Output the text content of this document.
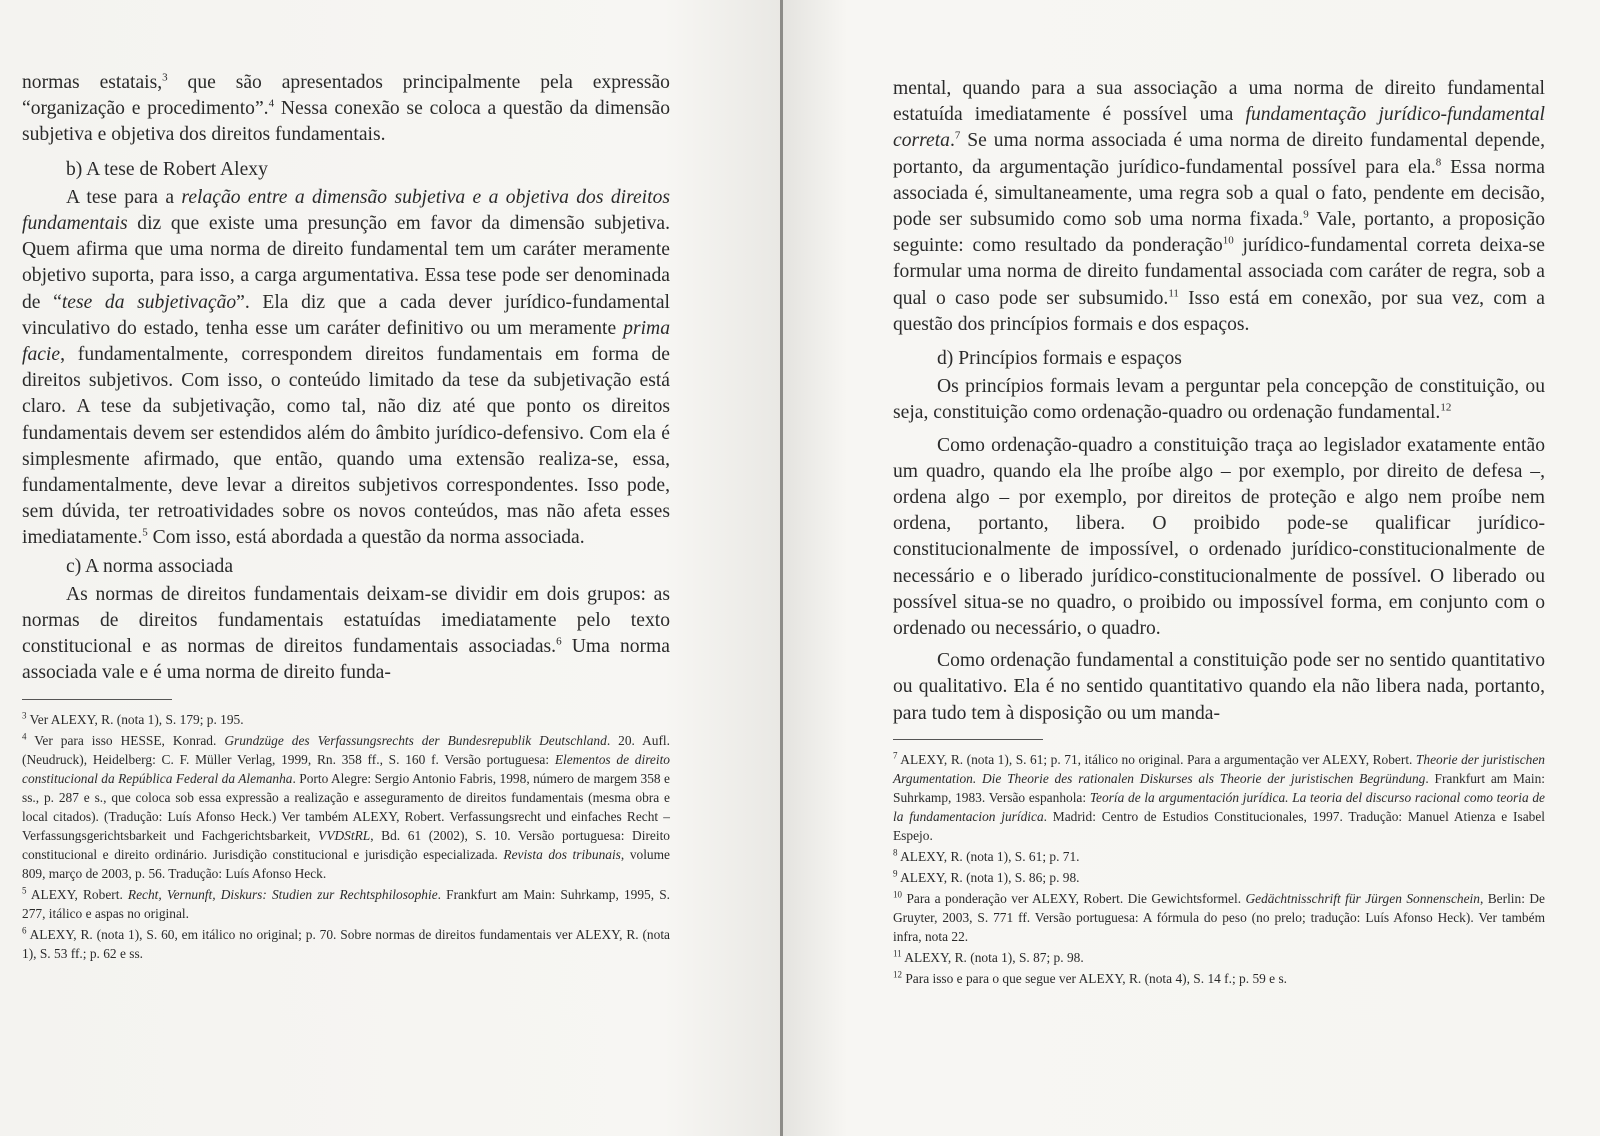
normas estatais,$^3$ que são apresentados principalmente pela expressão “organização e procedimento”.$^4$ Nessa conexão se coloca a questão da dimensão subjetiva e objetiva dos direitos fundamentais.

b) A tese de Robert Alexy

A tese para a relação entre a dimensão subjetiva e a objetiva dos direitos fundamentais diz que existe uma presunção em favor da dimensão subjetiva. Quem afirma que uma norma de direito fundamental tem um caráter meramente objetivo suporta, para isso, a carga argumentativa. Essa tese pode ser denominada de “tese da subjetivação”. Ela diz que a cada dever jurídico-fundamental vinculativo do estado, tenha esse um caráter definitivo ou um meramente prima facie, fundamentalmente, correspondem direitos fundamentais em forma de direitos subjetivos. Com isso, o conteúdo limitado da tese da subjetivação está claro. A tese da subjetivação, como tal, não diz até que ponto os direitos fundamentais devem ser estendidos além do âmbito jurídico-defensivo. Com ela é simplesmente afirmado, que então, quando uma extensão realiza-se, essa, fundamentalmente, deve levar a direitos subjetivos correspondentes. Isso pode, sem dúvida, ter retroatividades sobre os novos conteúdos, mas não afeta esses imediatamente.$^5$ Com isso, está abordada a questão da norma associada.

c) A norma associada

As normas de direitos fundamentais deixam-se dividir em dois grupos: as normas de direitos fundamentais estatuídas imediatamente pelo texto constitucional e as normas de direitos fundamentais associadas.$^6$ Uma norma associada vale e é uma norma de direito funda-

$^3$ Ver ALEXY, R. (nota 1), S. 179; p. 195.

$^4$ Ver para isso HESSE, Konrad. Grundzüge des Verfassungsrechts der Bundesrepublik Deutschland. 20. Aufl. (Neudruck), Heidelberg: C. F. Müller Verlag, 1999, Rn. 358 ff., S. 160 f. Versão portuguesa: Elementos de direito constitucional da República Federal da Alemanha. Porto Alegre: Sergio Antonio Fabris, 1998, número de margem 358 e ss., p. 287 e s., que coloca sob essa expressão a realização e asseguramento de direitos fundamentais (mesma obra e local citados). (Tradução: Luís Afonso Heck.) Ver também ALEXY, Robert. Verfassungsrecht und einfaches Recht – Verfassungsgerichtsbarkeit und Fachgerichtsbarkeit, VVDStRL, Bd. 61 (2002), S. 10. Versão portuguesa: Direito constitucional e direito ordinário. Jurisdição constitucional e jurisdição especializada. Revista dos tribunais, volume 809, março de 2003, p. 56. Tradução: Luís Afonso Heck.

$^5$ ALEXY, Robert. Recht, Vernunft, Diskurs: Studien zur Rechtsphilosophie. Frankfurt am Main: Suhrkamp, 1995, S. 277, itálico e aspas no original.

$^6$ ALEXY, R. (nota 1), S. 60, em itálico no original; p. 70. Sobre normas de direitos fundamentais ver ALEXY, R. (nota 1), S. 53 ff.; p. 62 e ss.

mental, quando para a sua associação a uma norma de direito fundamental estatuída imediatamente é possível uma fundamentação jurídico-fundamental correta.$^7$ Se uma norma associada é uma norma de direito fundamental depende, portanto, da argumentação jurídico-fundamental possível para ela.$^8$ Essa norma associada é, simultaneamente, uma regra sob a qual o fato, pendente em decisão, pode ser subsumido como sob uma norma fixada.$^9$ Vale, portanto, a proposição seguinte: como resultado da ponderação$^{10}$ jurídico-fundamental correta deixa-se formular uma norma de direito fundamental associada com caráter de regra, sob a qual o caso pode ser subsumido.$^{11}$ Isso está em conexão, por sua vez, com a questão dos princípios formais e dos espaços.

d) Princípios formais e espaços

Os princípios formais levam a perguntar pela concepção de constituição, ou seja, constituição como ordenação-quadro ou ordenação fundamental.$^{12}$

Como ordenação-quadro a constituição traça ao legislador exatamente então um quadro, quando ela lhe proíbe algo – por exemplo, por direito de defesa –, ordena algo – por exemplo, por direitos de proteção e algo nem proíbe nem ordena, portanto, libera. O proibido pode-se qualificar jurídico-constitucionalmente de impossível, o ordenado jurídico-constitucionalmente de necessário e o liberado jurídico-constitucionalmente de possível. O liberado ou possível situa-se no quadro, o proibido ou impossível forma, em conjunto com o ordenado ou necessário, o quadro.

Como ordenação fundamental a constituição pode ser no sentido quantitativo ou qualitativo. Ela é no sentido quantitativo quando ela não libera nada, portanto, para tudo tem à disposição ou um manda-

$^7$ ALEXY, R. (nota 1), S. 61; p. 71, itálico no original. Para a argumentação ver ALEXY, Robert. Theorie der juristischen Argumentation. Die Theorie des rationalen Diskurses als Theorie der juristischen Begründung. Frankfurt am Main: Suhrkamp, 1983. Versão espanhola: Teoría de la argumentación jurídica. La teoria del discurso racional como teoria de la fundamentacion jurídica. Madrid: Centro de Estudios Constitucionales, 1997. Tradução: Manuel Atienza e Isabel Espejo.

$^8$ ALEXY, R. (nota 1), S. 61; p. 71.

$^9$ ALEXY, R. (nota 1), S. 86; p. 98.

$^{10}$ Para a ponderação ver ALEXY, Robert. Die Gewichtsformel. Gedächtnisschrift für Jürgen Sonnenschein, Berlin: De Gruyter, 2003, S. 771 ff. Versão portuguesa: A fórmula do peso (no prelo; tradução: Luís Afonso Heck). Ver também infra, nota 22.

$^{11}$ ALEXY, R. (nota 1), S. 87; p. 98.

$^{12}$ Para isso e para o que segue ver ALEXY, R. (nota 4), S. 14 f.; p. 59 e s.
